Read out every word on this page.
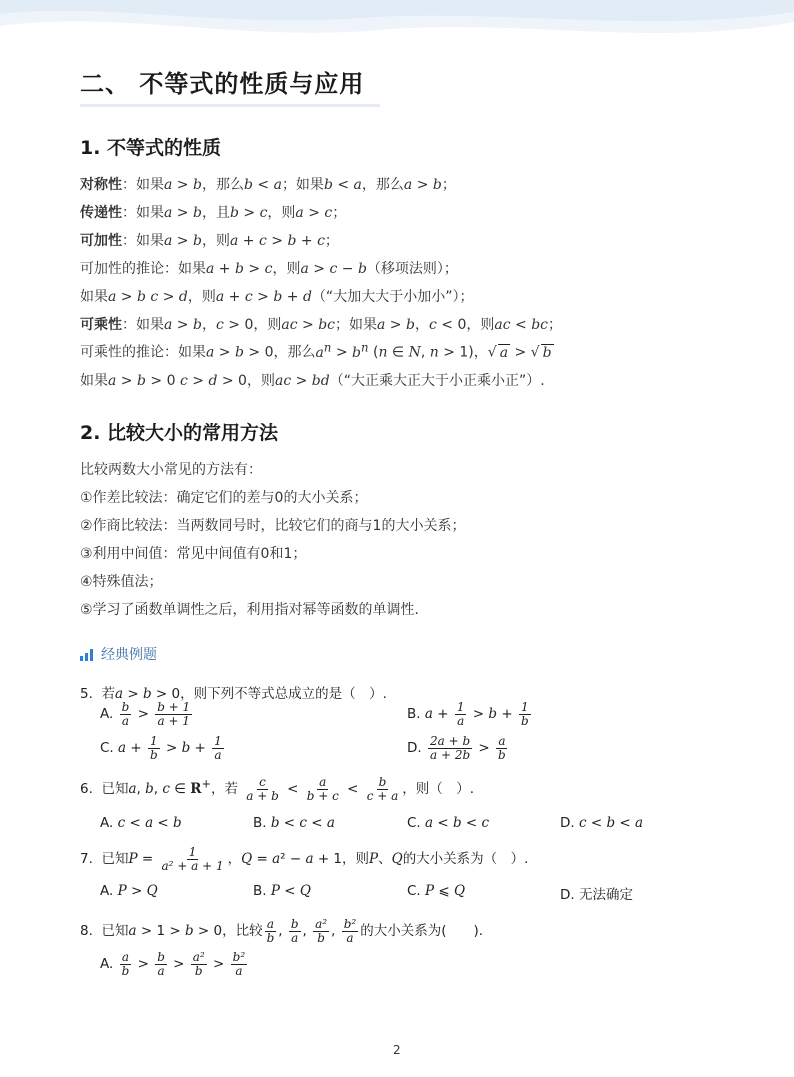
二、 不等式的性质与应用
1. 不等式的性质
对称性：如果a > b，那么b < a；如果b < a，那么a > b；
传递性：如果a > b，且b > c，则a > c；
可加性：如果a > b，则a + c > b + c；
可加性的推论：如果a + b > c，则a > c − b（移项法则）；
如果a > b c > d，则a + c > b + d（“大加大大于小加小”）；
可乘性：如果a > b，c > 0，则ac > bc；如果a > b，c < 0，则ac < bc；
可乘性的推论：如果a > b > 0，那么$a^n > b^n$ (n ∈ N, n > 1)，√ a > √ b
如果a > b > 0 c > d > 0，则ac > bd（“大正乘大正大于小正乘小正”）.
2. 比较大小的常用方法
比较两数大小常见的方法有：
①作差比较法：确定它们的差与0的大小关系；
②作商比较法：当两数同号时，比较它们的商与1的大小关系；
③利用中间值：常见中间值有0和1；
④特殊值法；
⑤学习了函数单调性之后，利用指对幂等函数的单调性．
经典例题
5. 若a > b > 0，则下列不等式总成立的是（　）.
A. $\frac{b}{a} > \frac{b + 1}{a + 1}$	B. $a + \frac{1}{a} > b + \frac{1}{b}$
C. $a + \frac{1}{b} > b + \frac{1}{a}$	D. $\frac{2a + b}{a + 2b} > \frac{a}{b}$
6. 已知a, b, c ∈ R+，若 $\frac{c}{a + b} < \frac{a}{b + c} < \frac{b}{c + a}$ ，则（　）.
A. c < a < b	B. b < c < a	C. a < b < c	D. c < b < a
7. 已知$P = \frac{1}{\text{a² + a + 1}}$ ，Q = a² − a + 1，则P、Q的大小关系为（　）.
A. P > Q	B. P < Q	C. P ⩽ Q	D. 无法确定
8. 已知a > 1 > b > 0，比较 $\frac{a}{b}$ , $\frac{b}{a}$ , $\frac{\text{a²}}{b}$ , $\frac{\text{b²}}{a}$ 的大小关系为(　　).
A. $\frac{a}{b} > \frac{b}{a} > \frac{\text{a²}}{b} > \frac{\text{b²}}{a}$
2
